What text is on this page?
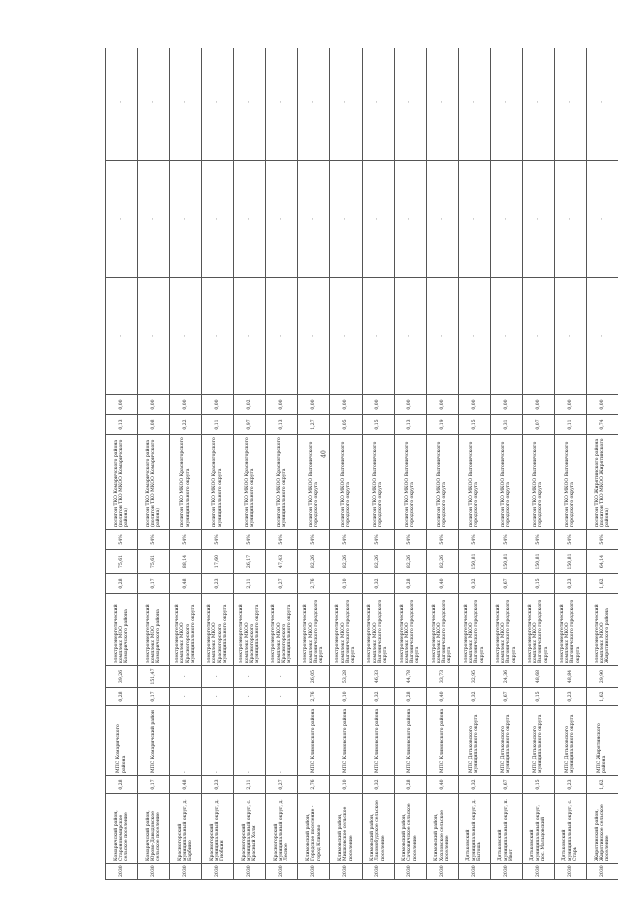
40
2030	Комаричский район, Староновомирское сельское поселение	0,28	МПС Комаричского района	0,28	39,26	электроэнергетический комплекс МОО Комаричского района	0,28	75,61	54%	полигон ТКО Комаричского района (полигон ТКО МКОО Комаричского района)	0,13	0,00	-	-	-
2030	Комаричский район, Юрово-Давыдовское сельское поселение	0,17	МПС Комаричский район	0,17	151,47	электроэнергетический комплекс МОО Комаричского района	0,17	75,61	54%	полигон ТКО Комаричского района (полигон ТКО МКОО Комаричского района)	0,08	0,00	-	-	-
2030	Красногорский муниципальный округ, д. Барбино	0,48	-	-	-	электроэнергетический комплекс МКОО Красногорского муниципального округа	0,48	88,14	54%	полигон ТКО МКОО Красногорского муниципального округа	0,22	0,00	-	-	-
2030	Красногорский муниципальный округ, д. Гнобкин	0,23	-	-	-	электроэнергетический комплекс МКОО Красногорского муниципального округа	0,23	17,60	54%	полигон ТКО МКОО Красногорского муниципального округа	0,11	0,00	-	-	-
2030	Красногорский муниципальный округ, с. Красный Холм	2,11	-	-	-	электроэнергетический комплекс МКОО Красногорского муниципального округа	2,11	26,17	54%	полигон ТКО МКОО Красногорского муниципального округа	0,97	0,02	-	-	-
2030	Красногорский муниципальный округ, д. Лесное	0,27	-	-	-	электроэнергетический комплекс МКОО Красногорского муниципального округа	0,27	47,43	54%	полигон ТКО МКОО Красногорского муниципального округа	0,13	0,00	-	-	-
2030	Климовский район, Городское поселение - город Климово	2,76	МПС Климовского района	2,76	26,05	электроэнергетический комплекс МКОО Выгоничского городского округа	2,76	82,26	54%	полигон ТКО МКОО Выгоничского городского округа	1,27	0,00	-	-	-
2030	Климовский район, Мишковское сельское поселение	0,10	МПС Климовского района	0,10	53,28	электроэнергетический комплекс МКОО Выгоничского городского округа	0,10	82,26	54%	полигон ТКО МКОО Выгоничского городского округа	0,05	0,00	-	-	-
2030	Климовский район, Лакомобудское сельское поселение	0,32	МПС Климовского района	0,32	46,33	электроэнергетический комплекс МКОО Выгоничского городского округа	0,32	82,26	54%	полигон ТКО МКОО Выгоничского городского округа	0,15	0,00	-	-	-
2030	Климовский район, Сачковичское сельское поселение	0,28	МПС Климовского района	0,28	44,78	электроэнергетический комплекс МКОО Выгоничского городского округа	0,28	82,26	54%	полигон ТКО МКОО Выгоничского городского округа	0,13	0,00	-	-	-
2030	Климовский район, Хохловское сельское поселение	0,40	МПС Климовского района	0,40	33,73	электроэнергетический комплекс МКОО Выгоничского городского округа	0,40	82,26	54%	полигон ТКО МКОО Выгоничского городского округа	0,19	0,00	-	-	-
2030	Дятьковский муниципальный округ, д. Бытошь	0,32	МПС Дятьковского муниципального округа	0,32	32,95	электроэнергетический комплекс МКОО Выгоничского городского округа	0,32	150,81	54%	полигон ТКО МКОО Выгоничского городского округа	0,15	0,00	-	-	-
2030	Дятьковский муниципальный округ, п. Ивот	0,67	МПС Дятьковского муниципального округа	0,67	24,36	электроэнергетический комплекс МКОО Выгоничского городского округа	0,67	150,81	54%	полигон ТКО МКОО Выгоничского городского округа	0,31	0,00	-	-	-
2030	Дятьковский муниципальный округ, пос. Мальцовский	0,15	МПС Дятьковского муниципального округа	0,15	48,68	электроэнергетический комплекс МКОО Выгоничского городского округа	0,15	150,81	54%	полигон ТКО МКОО Выгоничского городского округа	0,07	0,00	-	-	-
2030	Дятьковский муниципальный округ, с. Старь	0,23	МПС Дятьковского муниципального округа	0,23	48,84	электроэнергетический комплекс МКОО Выгоничского городского округа	0,23	150,81	54%	полигон ТКО МКОО Выгоничского городского округа	0,11	0,00	-	-	-
2030	Жирятинский район, Жирятинское сельское поселение	1,62	МПС Жирятинского района	1,62	29,90	электроэнергетический комплекс МКОО Жирятинского района	1,62	64,14	54%	полигон ТКО Жирятинского района (полигон ТКО МКОО Жирятинского района)	0,74	0,00	-	-	-
